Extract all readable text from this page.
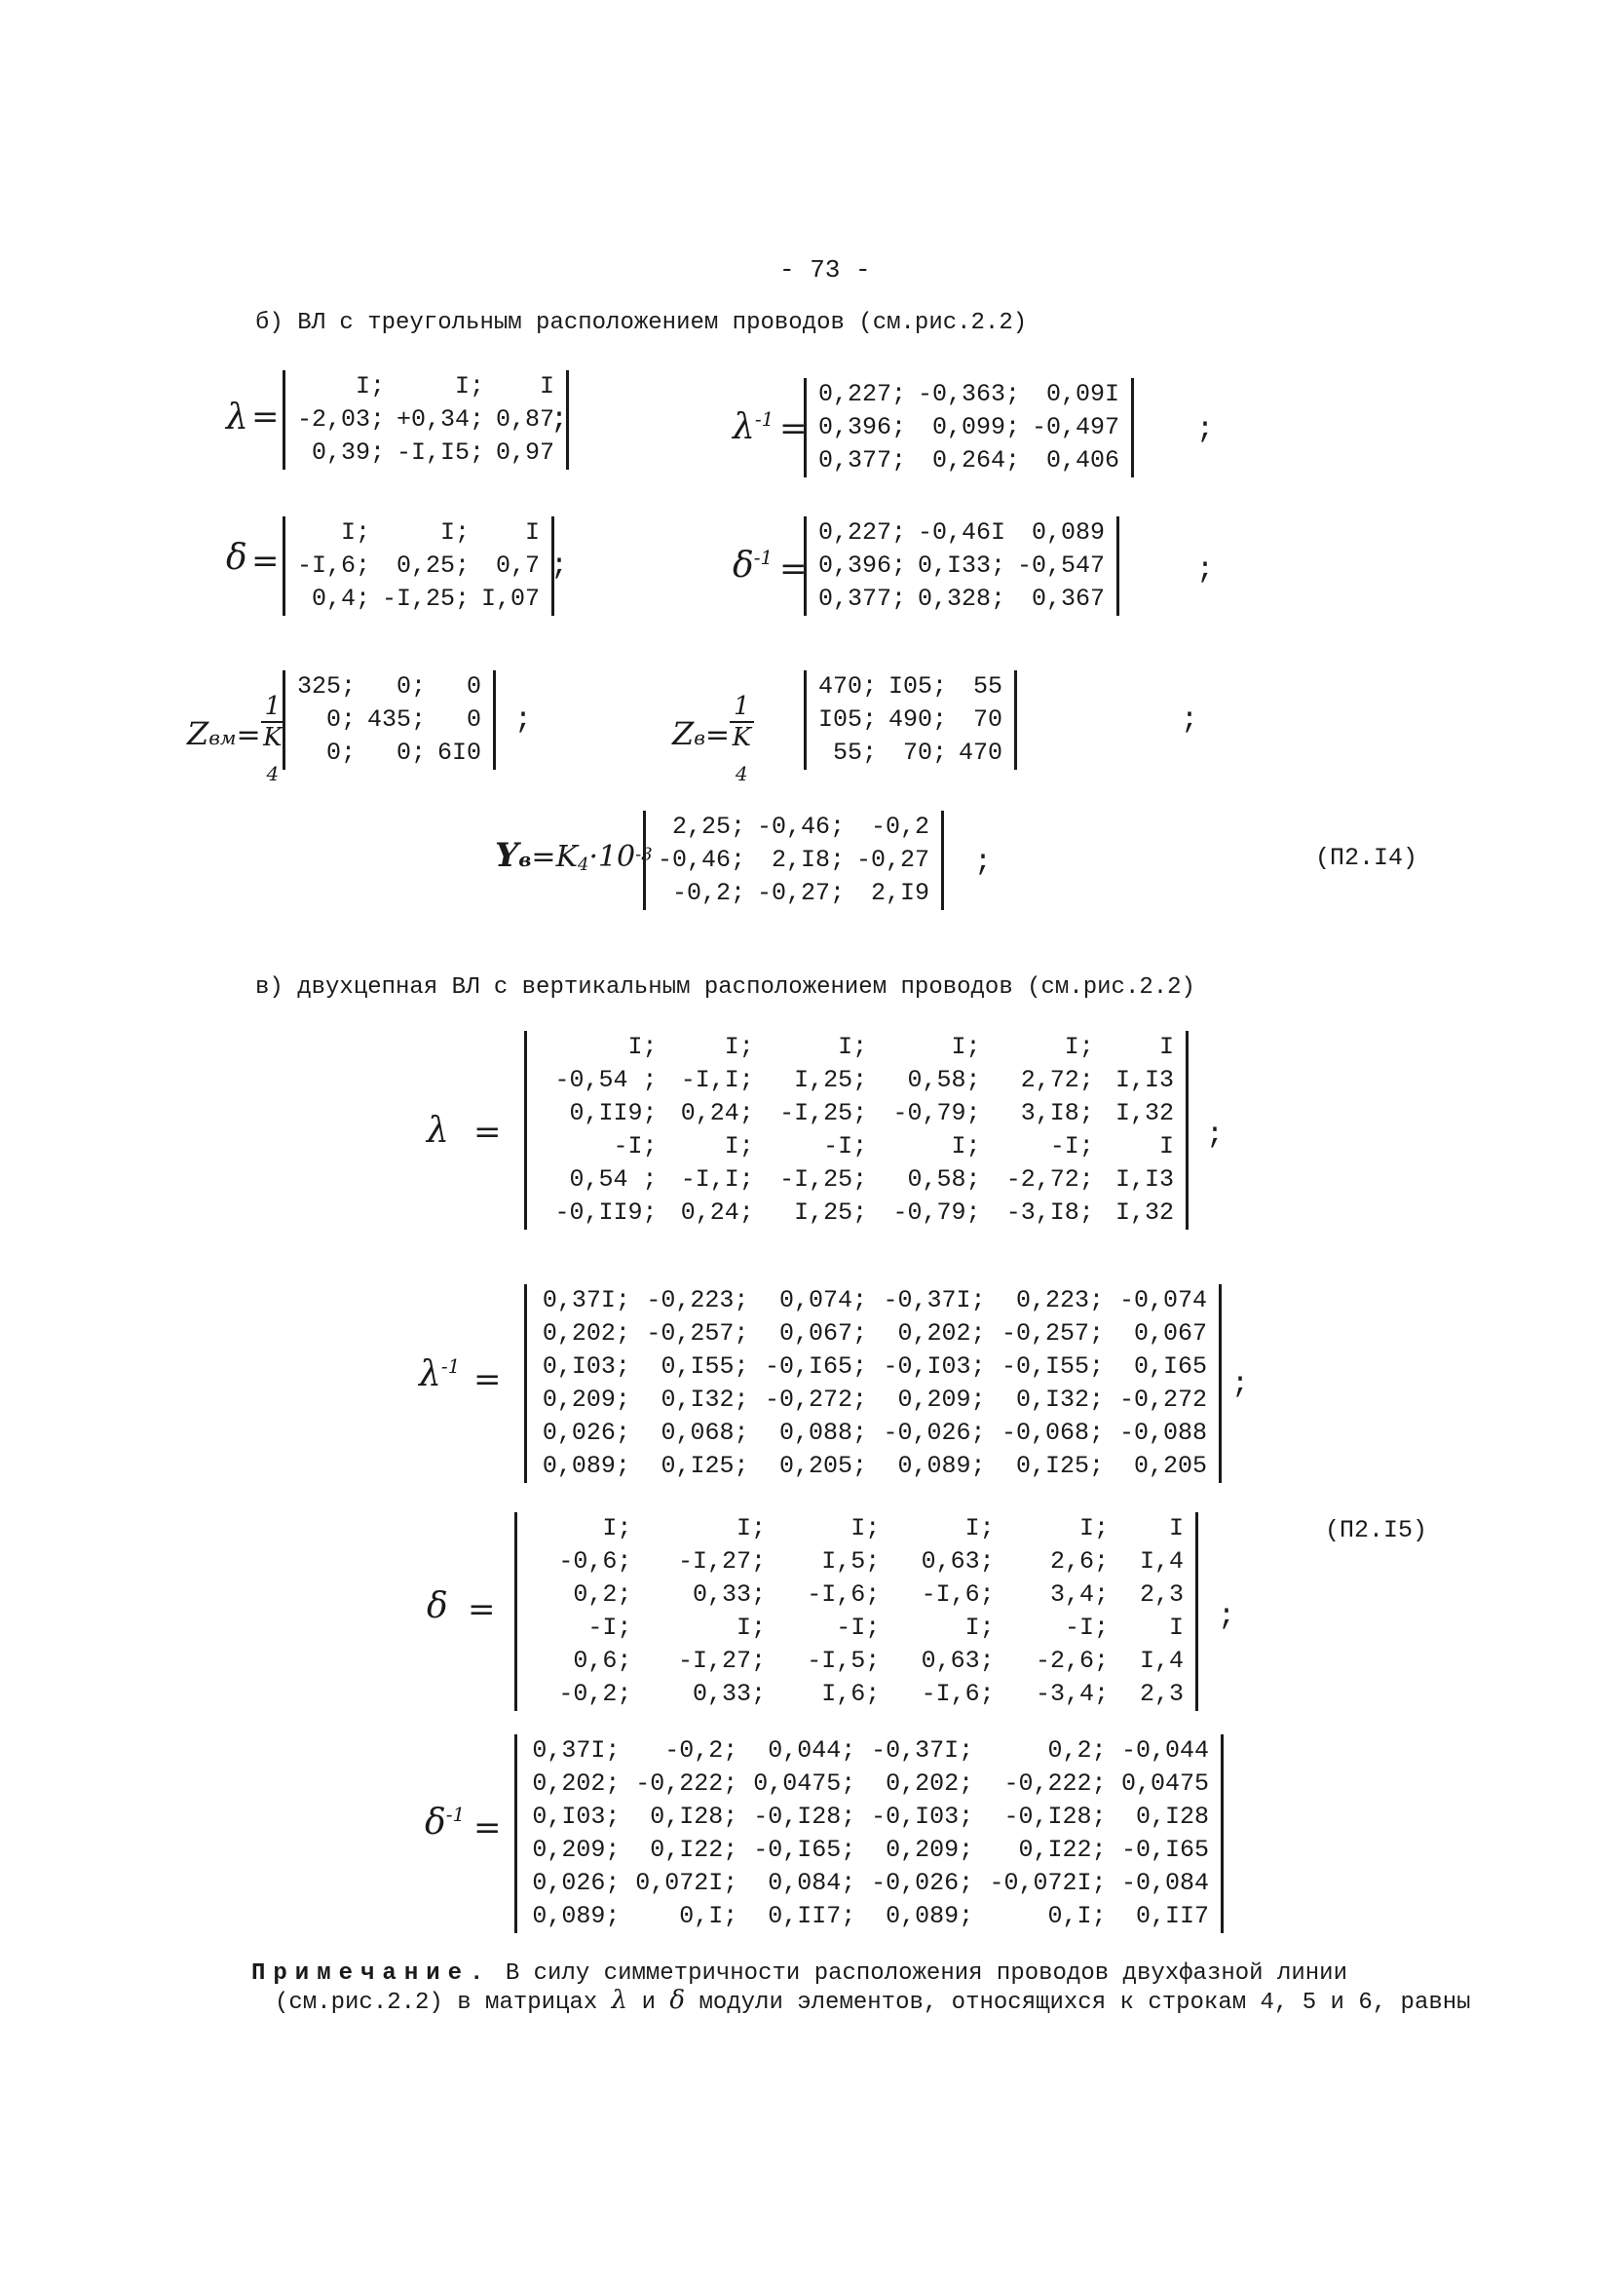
- 73 -
б) ВЛ с треугольным расположением проводов (см.рис.2.2)
λ =
I;	I;	I
-2,03;	+0,34;	0,87
0,39;	-I,I5;	0,97
;	$\lambda^{-1}$ =
0,227;	-0,363;	0,09I
0,396;	0,099;	-0,497
0,377;	0,264;	0,406
;
δ =
I;	I;	I
-I,6;	0,25;	0,7
0,4;	-I,25;	I,07
;	$\delta^{-1}$ =
0,227;	-0,46I	0,089
0,396;	0,I33;	-0,547
0,377;	0,328;	0,367
;
Zвм= 1
K
$_4$
325;	0;	0
0;	435;	0
0;	0;	6I0
;	Zв= 1
K
$_4$
470;	I05;	55
I05;	490;	70
55;	70;	470
;
$Yв=K_4\cdot 10^{-3}$
2,25;	-0,46;	-0,2
-0,46;	2,I8;	-0,27
-0,2;	-0,27;	2,I9
;	(П2.I4)
в) двухцепная ВЛ с вертикальным расположением проводов (см.рис.2.2)
λ =
I;	I;	I;	I;	I;	I
-0,54 ;	-I,I;	I,25;	0,58;	2,72;	I,I3
0,II9;	0,24;	-I,25;	-0,79;	3,I8;	I,32
-I;	I;	-I;	I;	-I;	I
0,54 ;	-I,I;	-I,25;	0,58;	-2,72;	I,I3
-0,II9;	0,24;	I,25;	-0,79;	-3,I8;	I,32
;
$\lambda^{-1}$ =
0,37I;	-0,223;	0,074;	-0,37I;	0,223;	-0,074
0,202;	-0,257;	0,067;	0,202;	-0,257;	0,067
0,I03;	0,I55;	-0,I65;	-0,I03;	-0,I55;	0,I65
0,209;	0,I32;	-0,272;	0,209;	0,I32;	-0,272
0,026;	0,068;	0,088;	-0,026;	-0,068;	-0,088
0,089;	0,I25;	0,205;	0,089;	0,I25;	0,205
;
δ =
I;	I;	I;	I;	I;	I
-0,6;	-I,27;	I,5;	0,63;	2,6;	I,4
0,2;	0,33;	-I,6;	-I,6;	3,4;	2,3
-I;	I;	-I;	I;	-I;	I
0,6;	-I,27;	-I,5;	0,63;	-2,6;	I,4
-0,2;	0,33;	I,6;	-I,6;	-3,4;	2,3
;
(П2.I5)
$\delta^{-1}$ =
0,37I;	-0,2;	0,044;	-0,37I;	0,2;	-0,044
0,202;	-0,222;	0,0475;	0,202;	-0,222;	0,0475
0,I03;	0,I28;	-0,I28;	-0,I03;	-0,I28;	0,I28
0,209;	0,I22;	-0,I65;	0,209;	0,I22;	-0,I65
0,026;	0,072I;	0,084;	-0,026;	-0,072I;	-0,084
0,089;	0,I;	0,II7;	0,089;	0,I;	0,II7
Примечание. В силу симметричности расположения проводов двухфазной линии
(см.рис.2.2) в матрицах λ и δ модули элементов, относящихся к строкам 4, 5 и 6, равны
